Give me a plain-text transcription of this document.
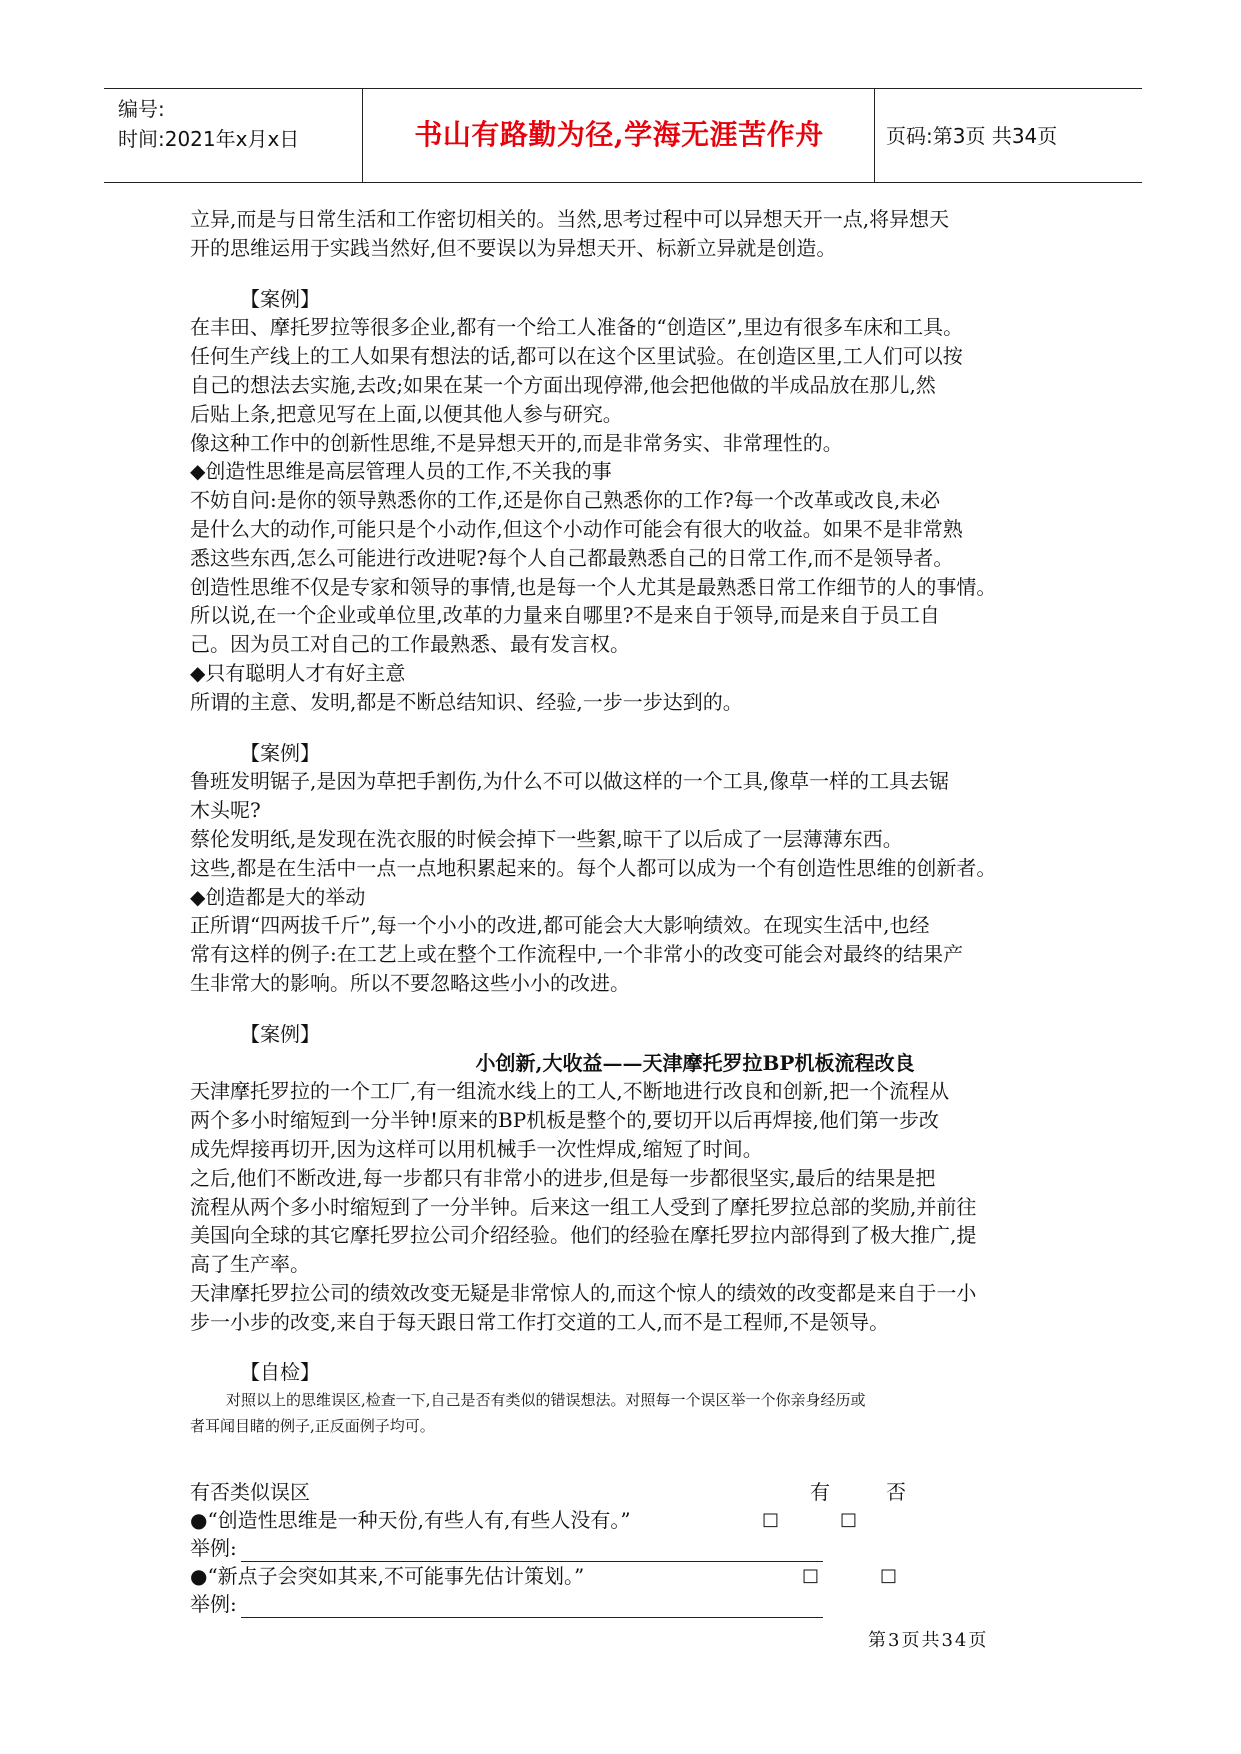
编号:
时间:2021年x月x日	书山有路勤为径,学海无涯苦作舟	页码:第3页 共34页
立异,而是与日常生活和工作密切相关的。当然,思考过程中可以异想天开一点,将异想天
开的思维运用于实践当然好,但不要误以为异想天开、标新立异就是创造。
【案例】
在丰田、摩托罗拉等很多企业,都有一个给工人准备的“创造区”,里边有很多车床和工具。
任何生产线上的工人如果有想法的话,都可以在这个区里试验。在创造区里,工人们可以按
自己的想法去实施,去改;如果在某一个方面出现停滞,他会把他做的半成品放在那儿,然
后贴上条,把意见写在上面,以便其他人参与研究。
像这种工作中的创新性思维,不是异想天开的,而是非常务实、非常理性的。
◆创造性思维是高层管理人员的工作,不关我的事
不妨自问:是你的领导熟悉你的工作,还是你自己熟悉你的工作?每一个改革或改良,未必
是什么大的动作,可能只是个小动作,但这个小动作可能会有很大的收益。如果不是非常熟
悉这些东西,怎么可能进行改进呢?每个人自己都最熟悉自己的日常工作,而不是领导者。
创造性思维不仅是专家和领导的事情,也是每一个人尤其是最熟悉日常工作细节的人的事情。
所以说,在一个企业或单位里,改革的力量来自哪里?不是来自于领导,而是来自于员工自
己。因为员工对自己的工作最熟悉、最有发言权。
◆只有聪明人才有好主意
所谓的主意、发明,都是不断总结知识、经验,一步一步达到的。
【案例】
鲁班发明锯子,是因为草把手割伤,为什么不可以做这样的一个工具,像草一样的工具去锯
木头呢?
蔡伦发明纸,是发现在洗衣服的时候会掉下一些絮,晾干了以后成了一层薄薄东西。
这些,都是在生活中一点一点地积累起来的。每个人都可以成为一个有创造性思维的创新者。
◆创造都是大的举动
正所谓“四两拔千斤”,每一个小小的改进,都可能会大大影响绩效。在现实生活中,也经
常有这样的例子:在工艺上或在整个工作流程中,一个非常小的改变可能会对最终的结果产
生非常大的影响。所以不要忽略这些小小的改进。
【案例】
小创新,大收益——天津摩托罗拉BP机板流程改良
天津摩托罗拉的一个工厂,有一组流水线上的工人,不断地进行改良和创新,把一个流程从
两个多小时缩短到一分半钟!原来的BP机板是整个的,要切开以后再焊接,他们第一步改
成先焊接再切开,因为这样可以用机械手一次性焊成,缩短了时间。
之后,他们不断改进,每一步都只有非常小的进步,但是每一步都很坚实,最后的结果是把
流程从两个多小时缩短到了一分半钟。后来这一组工人受到了摩托罗拉总部的奖励,并前往
美国向全球的其它摩托罗拉公司介绍经验。他们的经验在摩托罗拉内部得到了极大推广,提
高了生产率。
天津摩托罗拉公司的绩效改变无疑是非常惊人的,而这个惊人的绩效的改变都是来自于一小
步一小步的改变,来自于每天跟日常工作打交道的工人,而不是工程师,不是领导。
【自检】
对照以上的思维误区,检查一下,自己是否有类似的错误想法。对照每一个误区举一个你亲身经历或
者耳闻目睹的例子,正反面例子均可。
有否类似误区	有	否
●“创造性思维是一种天份,有些人有,有些人没有。”	□	□
举例:
●“新点子会突如其来,不可能事先估计策划。”	□	□
举例:
第3页共34页
